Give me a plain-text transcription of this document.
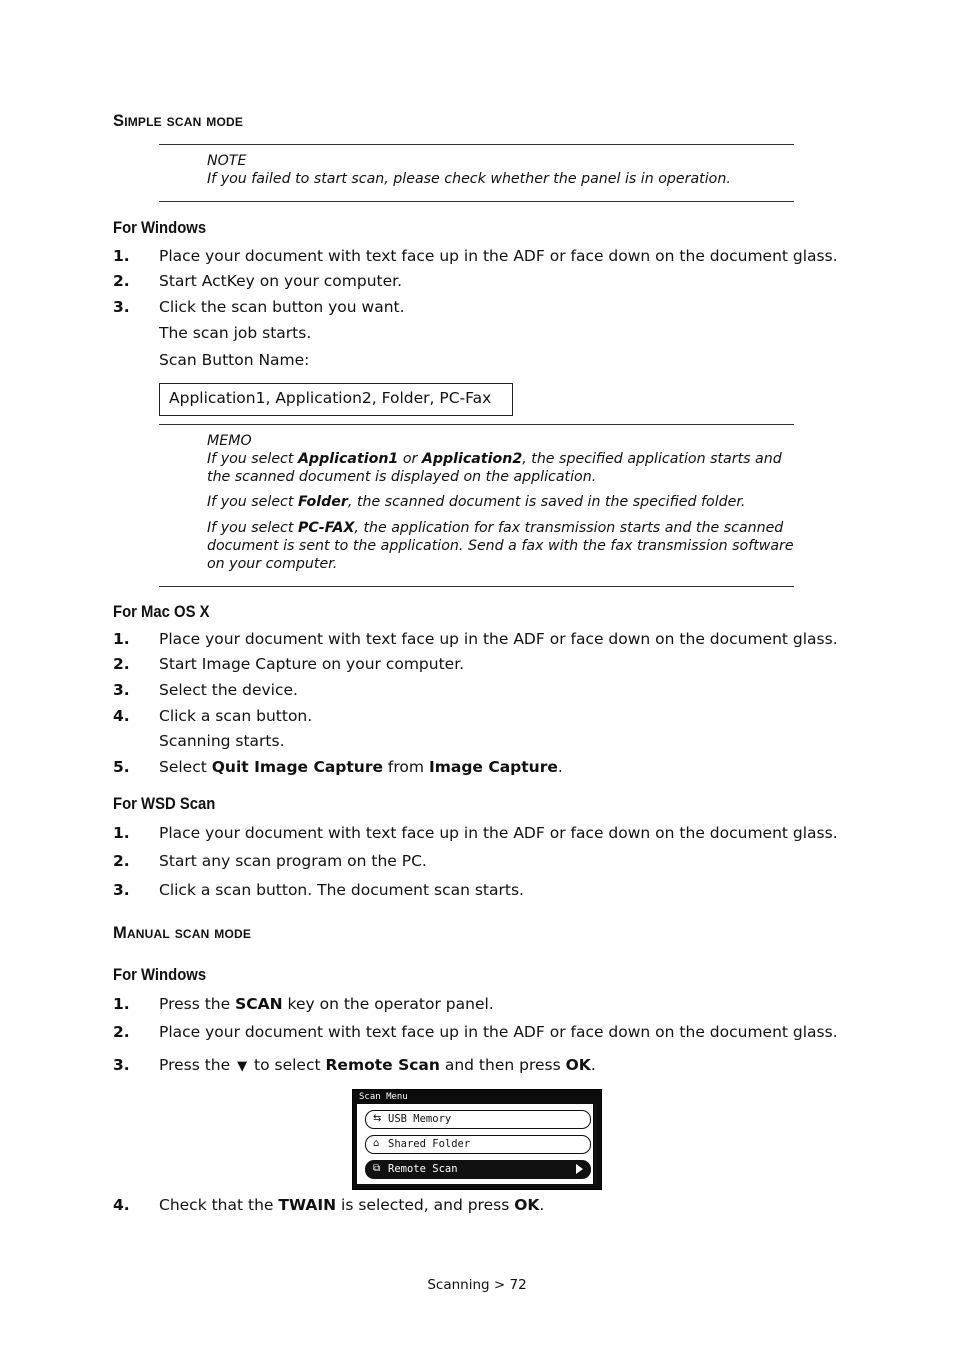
Simple scan mode
NOTE
If you failed to start scan, please check whether the panel is in operation.
For Windows
1. Place your document with text face up in the ADF or face down on the document glass.
2. Start ActKey on your computer.
3. Click the scan button you want.
The scan job starts.
Scan Button Name:
Application1, Application2, Folder, PC-Fax
MEMO
If you select Application1 or Application2, the specified application starts and the scanned document is displayed on the application.
If you select Folder, the scanned document is saved in the specified folder.
If you select PC-FAX, the application for fax transmission starts and the scanned document is sent to the application. Send a fax with the fax transmission software on your computer.
For Mac OS X
1. Place your document with text face up in the ADF or face down on the document glass.
2. Start Image Capture on your computer.
3. Select the device.
4. Click a scan button.
Scanning starts.
5. Select Quit Image Capture from Image Capture.
For WSD Scan
1. Place your document with text face up in the ADF or face down on the document glass.
2. Start any scan program on the PC.
3. Click a scan button. The document scan starts.
Manual scan mode
For Windows
1. Press the SCAN key on the operator panel.
2. Place your document with text face up in the ADF or face down on the document glass.
3. Press the ▼ to select Remote Scan and then press OK.
Scan Menu
⇆ USB Memory
⌂ Shared Folder
⧉ Remote Scan
4. Check that the TWAIN is selected, and press OK.
Scanning > 72
